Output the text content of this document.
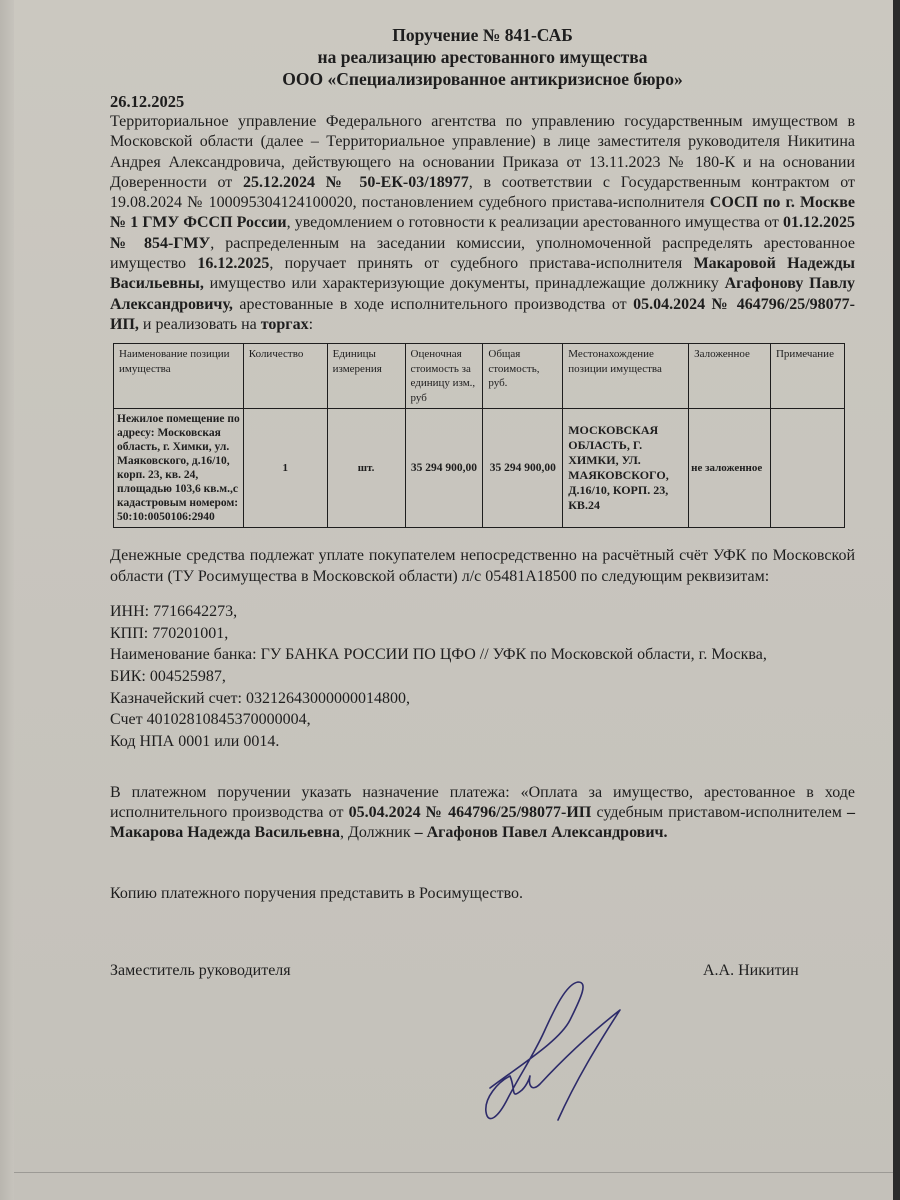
Поручение № 841-САБ
на реализацию арестованного имущества
ООО «Специализированное антикризисное бюро»
26.12.2025
Территориальное управление Федерального агентства по управлению государственным имуществом в Московской области (далее – Территориальное управление) в лице заместителя руководителя Никитина Андрея Александровича, действующего на основании Приказа от 13.11.2023 № 180-К и на основании Доверенности от 25.12.2024 № 50-ЕК-03/18977, в соответствии с Государственным контрактом от 19.08.2024 № 100095304124100020, постановлением судебного пристава-исполнителя СОСП по г. Москве № 1 ГМУ ФССП России, уведомлением о готовности к реализации арестованного имущества от 01.12.2025 № 854-ГМУ, распределенным на заседании комиссии, уполномоченной распределять арестованное имущество 16.12.2025, поручает принять от судебного пристава-исполнителя Макаровой Надежды Васильевны, имущество или характеризующие документы, принадлежащие должнику Агафонову Павлу Александровичу, арестованные в ходе исполнительного производства от 05.04.2024 № 464796/25/98077-ИП, и реализовать на торгах:
Наименование позиции имущества	Количество	Единицы измерения	Оценочная стоимость за единицу изм., руб	Общая стоимость, руб.	Местонахождение позиции имущества	Заложенное	Примечание
Нежилое помещение по адресу: Московская область, г. Химки, ул. Маяковского, д.16/10, корп. 23, кв. 24, площадью 103,6 кв.м.,с кадастровым номером: 50:10:0050106:2940	1	шт.	35 294 900,00	35 294 900,00	МОСКОВСКАЯ ОБЛАСТЬ, Г. ХИМКИ, УЛ. МАЯКОВСКОГО, Д.16/10, КОРП. 23, КВ.24	не заложенное	
Денежные средства подлежат уплате покупателем непосредственно на расчётный счёт УФК по Московской области (ТУ Росимущества в Московской области) л/с 05481А18500 по следующим реквизитам:
ИНН: 7716642273,
КПП: 770201001,
Наименование банка: ГУ БАНКА РОССИИ ПО ЦФО // УФК по Московской области, г. Москва,
БИК: 004525987,
Казначейский счет: 03212643000000014800,
Счет 40102810845370000004,
Код НПА 0001 или 0014.
В платежном поручении указать назначение платежа: «Оплата за имущество, арестованное в ходе исполнительного производства от 05.04.2024 № 464796/25/98077-ИП судебным приставом-исполнителем – Макарова Надежда Васильевна, Должник – Агафонов Павел Александрович.
Копию платежного поручения представить в Росимущество.
Заместитель руководителя	А.А. Никитин
